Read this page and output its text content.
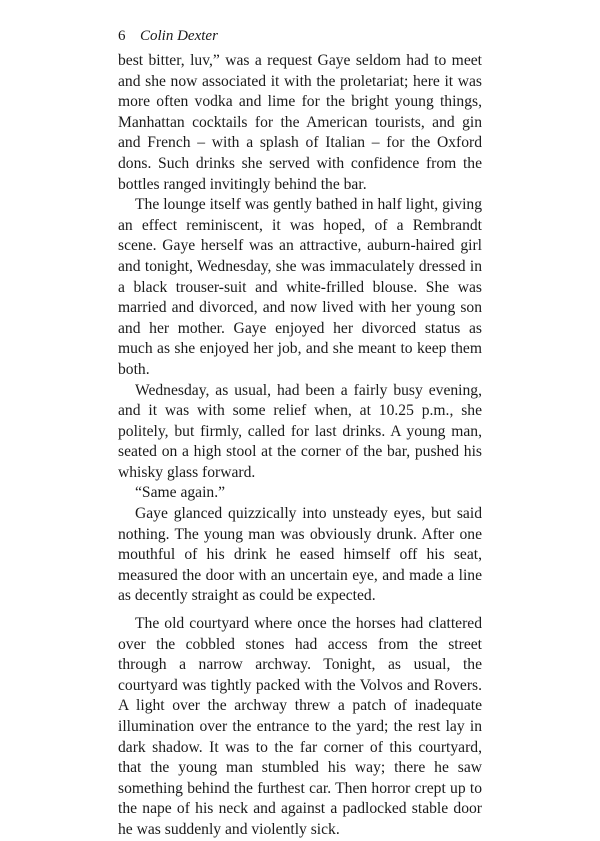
6 Colin Dexter

best bitter, luv,” was a request Gaye seldom had to meet and she now associated it with the proletariat; here it was more often vodka and lime for the bright young things, Manhattan cocktails for the American tourists, and gin and French – with a splash of Italian – for the Oxford dons. Such drinks she served with confidence from the bottles ranged invitingly behind the bar.

The lounge itself was gently bathed in half light, giving an effect reminiscent, it was hoped, of a Rembrandt scene. Gaye herself was an attractive, auburn-haired girl and tonight, Wednesday, she was immaculately dressed in a black trouser-suit and white-frilled blouse. She was married and divorced, and now lived with her young son and her mother. Gaye enjoyed her divorced status as much as she enjoyed her job, and she meant to keep them both.

Wednesday, as usual, had been a fairly busy evening, and it was with some relief when, at 10.25 p.m., she politely, but firmly, called for last drinks. A young man, seated on a high stool at the corner of the bar, pushed his whisky glass forward.

“Same again.”

Gaye glanced quizzically into unsteady eyes, but said nothing. The young man was obviously drunk. After one mouthful of his drink he eased himself off his seat, measured the door with an uncertain eye, and made a line as decently straight as could be expected.

The old courtyard where once the horses had clattered over the cobbled stones had access from the street through a narrow archway. Tonight, as usual, the courtyard was tightly packed with the Volvos and Rovers. A light over the archway threw a patch of inadequate illumination over the entrance to the yard; the rest lay in dark shadow. It was to the far corner of this courtyard, that the young man stumbled his way; there he saw something behind the furthest car. Then horror crept up to the nape of his neck and against a padlocked stable door he was suddenly and violently sick.
